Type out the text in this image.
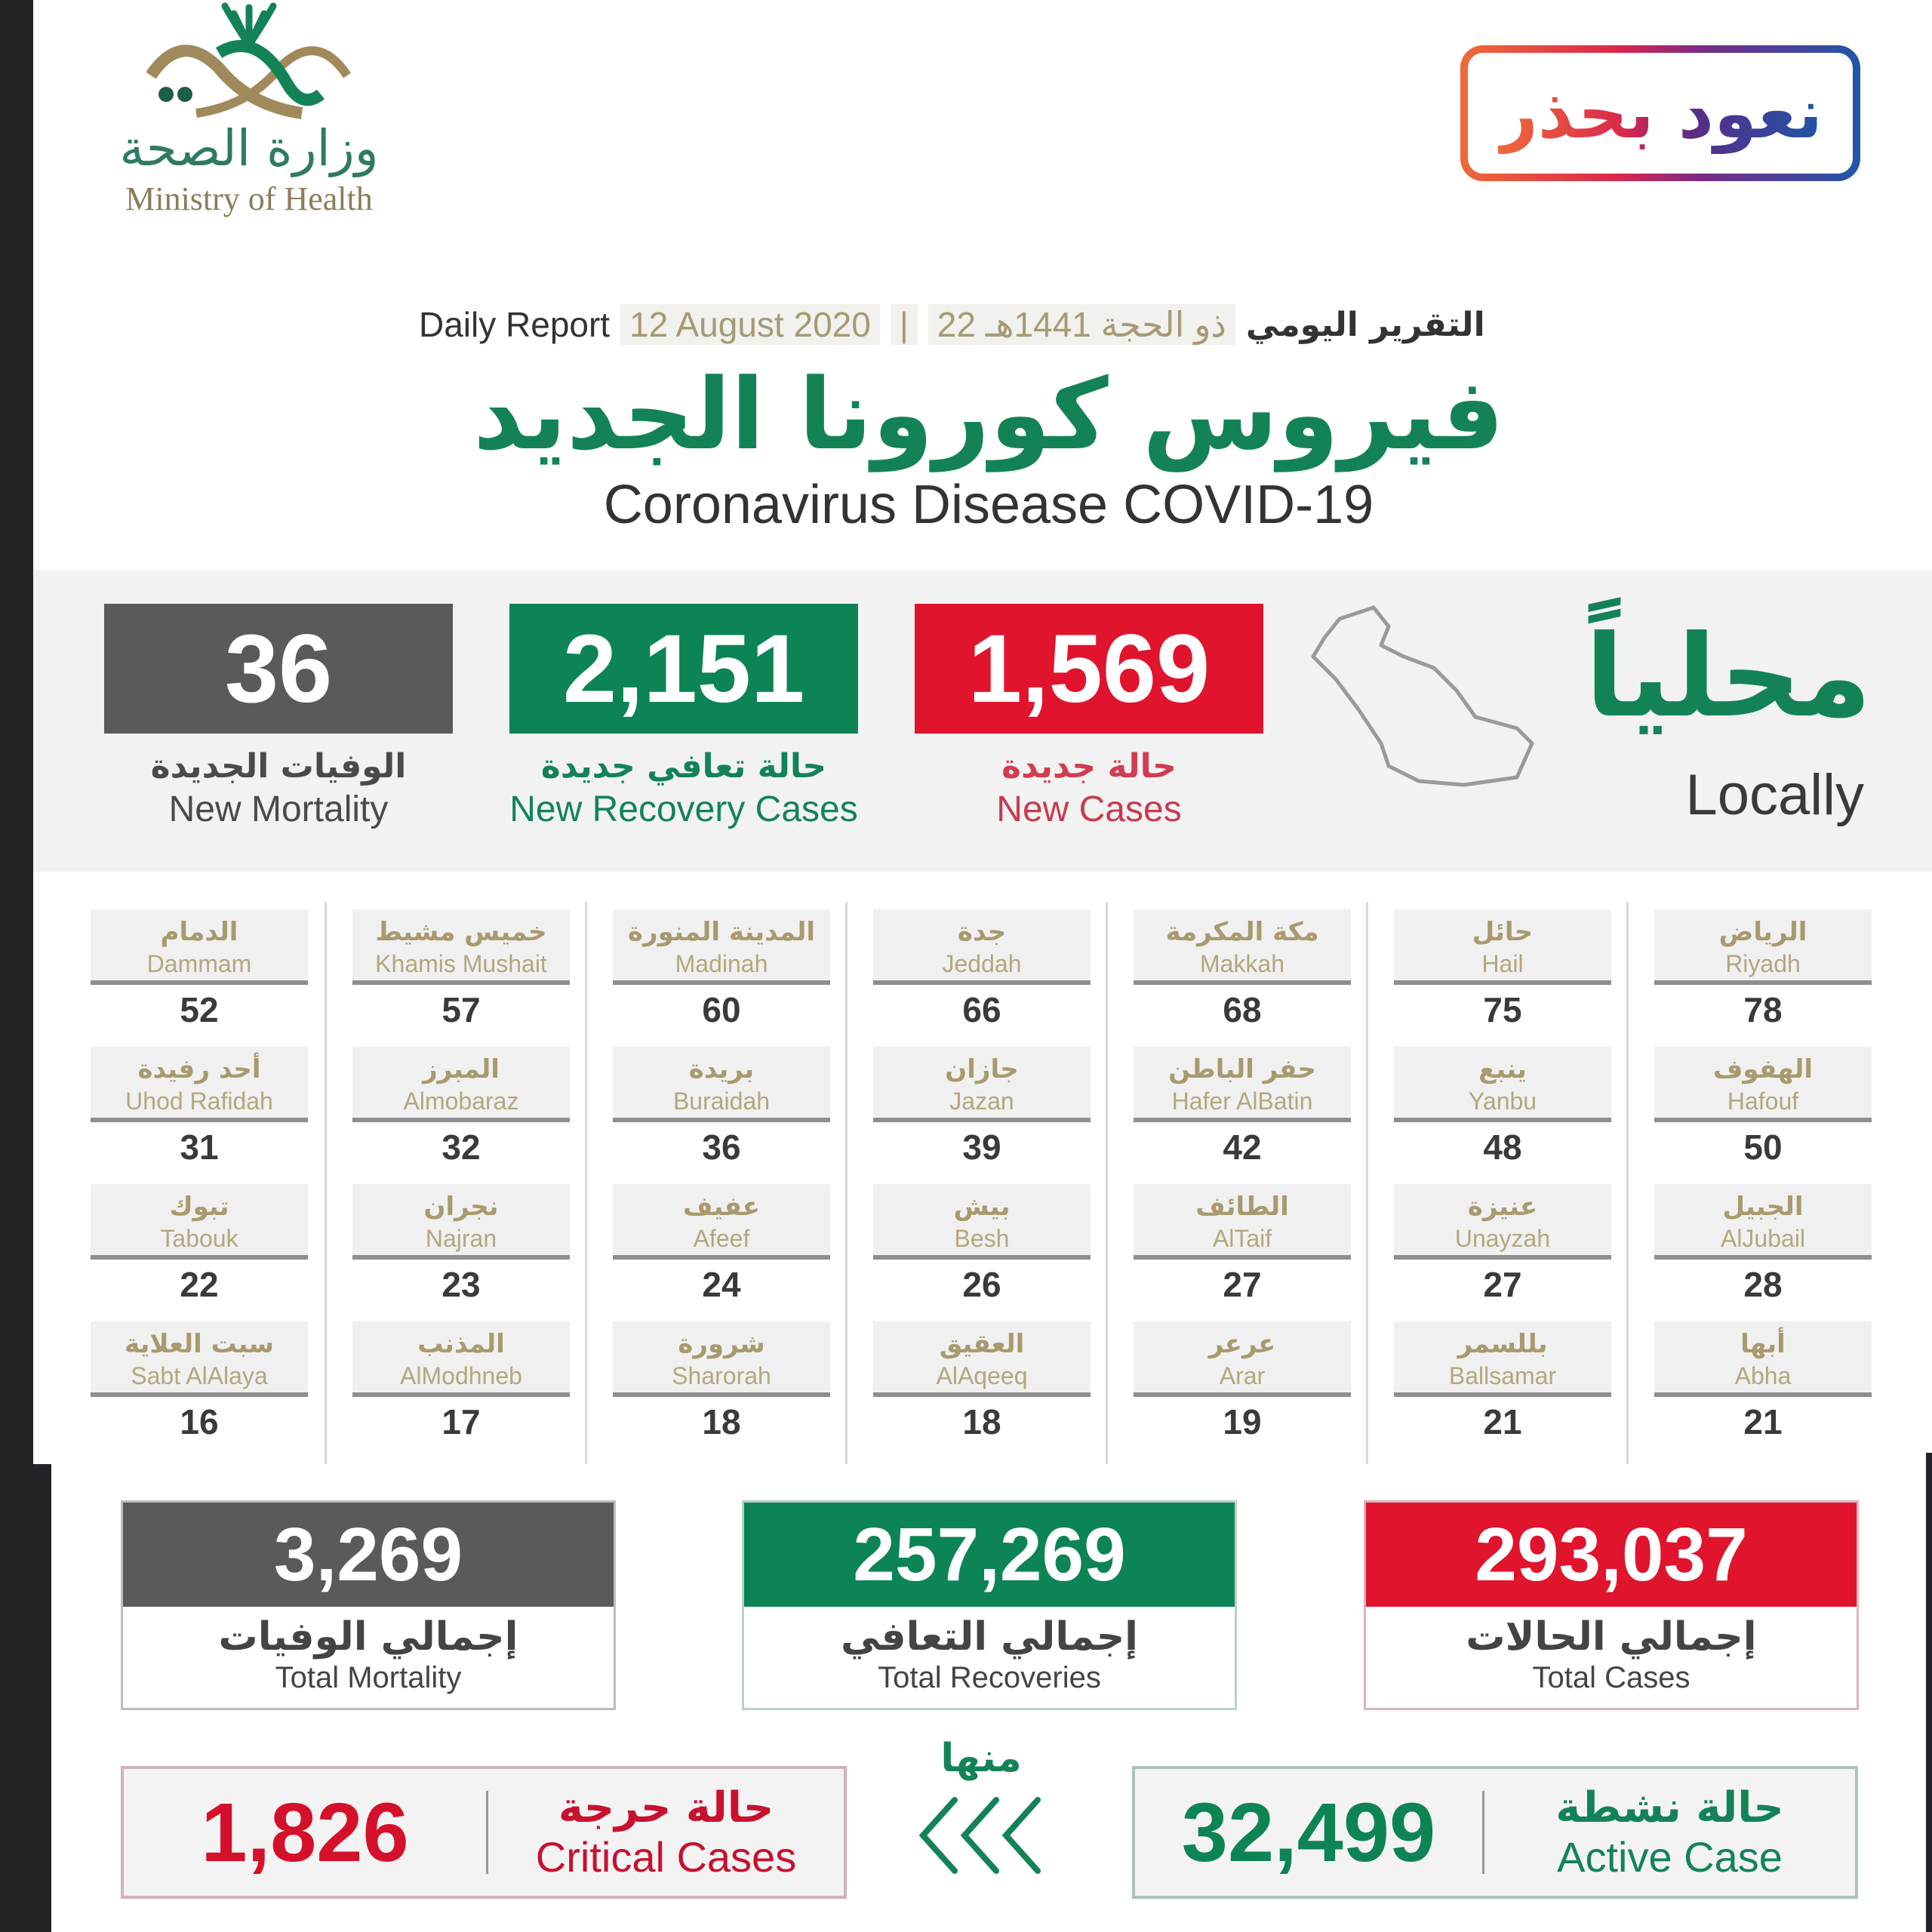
وزارة الصحة
Ministry of Health
نعود بحذر
Daily Report 12 August 2020 | 22 ذو الحجة 1441هـ التقرير اليومي
فيروس كورونا الجديد
Coronavirus Disease COVID-19
1,569
حالة جديدة
New Cases
2,151
حالة تعافي جديدة
New Recovery Cases
36
الوفيات الجديدة
New Mortality
محلياً
Locally
الرياض
Riyadh
78
حائل
Hail
75
مكة المكرمة
Makkah
68
جدة
Jeddah
66
المدينة المنورة
Madinah
60
خميس مشيط
Khamis Mushait
57
الدمام
Dammam
52
الهفوف
Hafouf
50
ينبع
Yanbu
48
حفر الباطن
Hafer AlBatin
42
جازان
Jazan
39
بريدة
Buraidah
36
المبرز
Almobaraz
32
أحد رفيدة
Uhod Rafidah
31
الجبيل
AlJubail
28
عنيزة
Unayzah
27
الطائف
AlTaif
27
بيش
Besh
26
عفيف
Afeef
24
نجران
Najran
23
تبوك
Tabouk
22
أبها
Abha
21
بللسمر
Ballsamar
21
عرعر
Arar
19
العقيق
AlAqeeq
18
شرورة
Sharorah
18
المذنب
AlModhneb
17
سبت العلاية
Sabt AlAlaya
16
293,037
إجمالي الحالات
Total Cases
257,269
إجمالي التعافي
Total Recoveries
3,269
إجمالي الوفيات
Total Mortality
32,499	حالة نشطة
Active Case
منها
1,826	حالة حرجة
Critical Cases
